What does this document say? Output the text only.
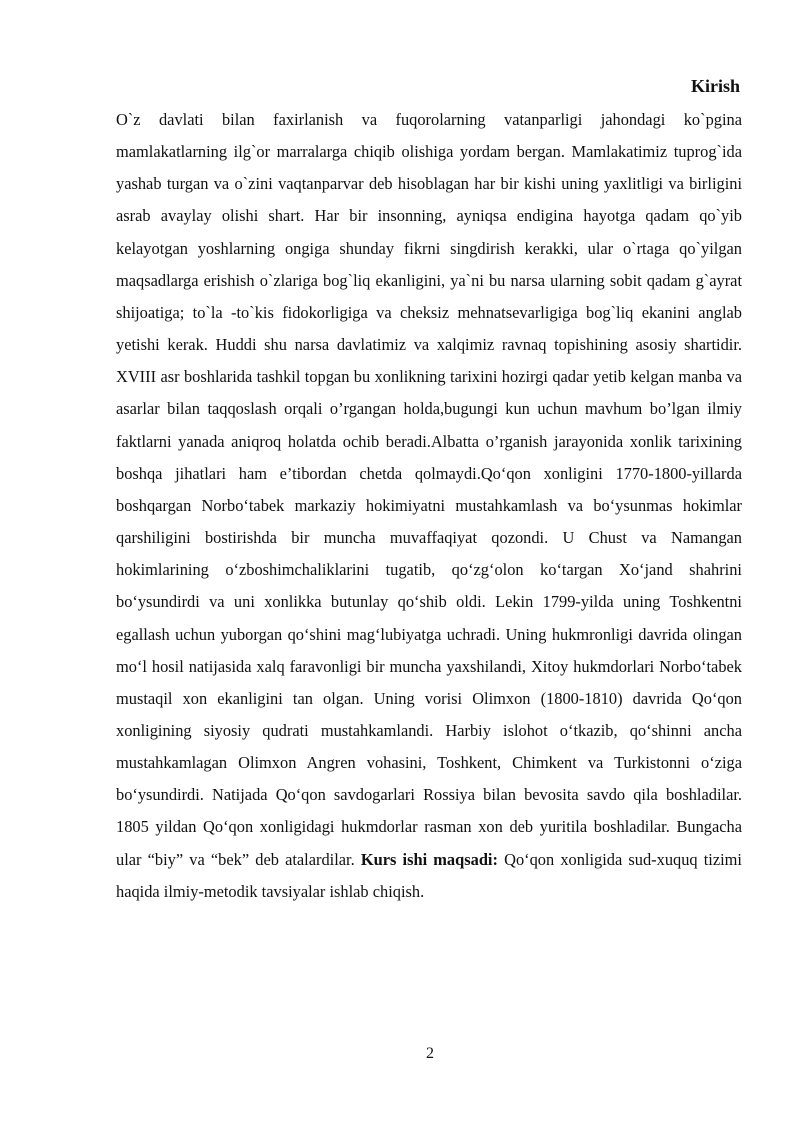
Kirish

O`z davlati bilan faxirlanish va fuqorolarning vatanparligi jahondagi ko`pgina mamlakatlarning ilg`or marralarga chiqib olishiga yordam bergan. Mamlakatimiz tuprog`ida yashab turgan va o`zini vaqtanparvar deb hisoblagan har bir kishi uning yaxlitligi va birligini asrab avaylay olishi shart. Har bir insonning, ayniqsa endigina hayotga qadam qo`yib kelayotgan yoshlarning ongiga shunday fikrni singdirish kerakki, ular o`rtaga qo`yilgan maqsadlarga erishish o`zlariga bog`liq ekanligini, ya`ni bu narsa ularning sobit qadam g`ayrat shijoatiga; to`la -to`kis fidokorligiga va cheksiz mehnatsevarligiga bog`liq ekanini anglab yetishi kerak. Huddi shu narsa davlatimiz va xalqimiz ravnaq topishining asosiy shartidir. XVIII asr boshlarida tashkil topgan bu xonlikning tarixini hozirgi qadar yetib kelgan manba va asarlar bilan taqqoslash orqali o’rgangan holda,bugungi kun uchun mavhum bo’lgan ilmiy faktlarni yanada aniqroq holatda ochib beradi.Albatta o’rganish jarayonida xonlik tarixining boshqa jihatlari ham e’tibordan chetda qolmaydi.Qo‘qon xonligini 1770-1800-yillarda boshqargan Norbo‘tabek markaziy hokimiyatni mustahkamlash va bo‘ysunmas hokimlar qarshiligini bostirishda bir muncha muvaffaqiyat qozondi. U Chust va Namangan hokimlarining o‘zboshimchaliklarini tugatib, qo‘zg‘olon ko‘targan Xo‘jand shahrini bo‘ysundirdi va uni xonlikka butunlay qo‘shib oldi. Lekin 1799-yilda uning Toshkentni egallash uchun yuborgan qo‘shini mag‘lubiyatga uchradi. Uning hukmronligi davrida olingan mo‘l hosil natijasida xalq faravonligi bir muncha yaxshilandi, Xitoy hukmdorlari Norbo‘tabek mustaqil xon ekanligini tan olgan. Uning vorisi Olimxon (1800-1810) davrida Qo‘qon xonligining siyosiy qudrati mustahkamlandi. Harbiy islohot o‘tkazib, qo‘shinni ancha mustahkamlagan Olimxon Angren vohasini, Toshkent, Chimkent va Turkistonni o‘ziga bo‘ysundirdi. Natijada Qo‘qon savdogarlari Rossiya bilan bevosita savdo qila boshladilar. 1805 yildan Qo‘qon xonligidagi hukmdorlar rasman xon deb yuritila boshladilar. Bungacha ular “biy” va “bek” deb atalardilar. Kurs ishi maqsadi: Qo‘qon xonligida sud-xuquq tizimi haqida ilmiy-metodik tavsiyalar ishlab chiqish.

2
